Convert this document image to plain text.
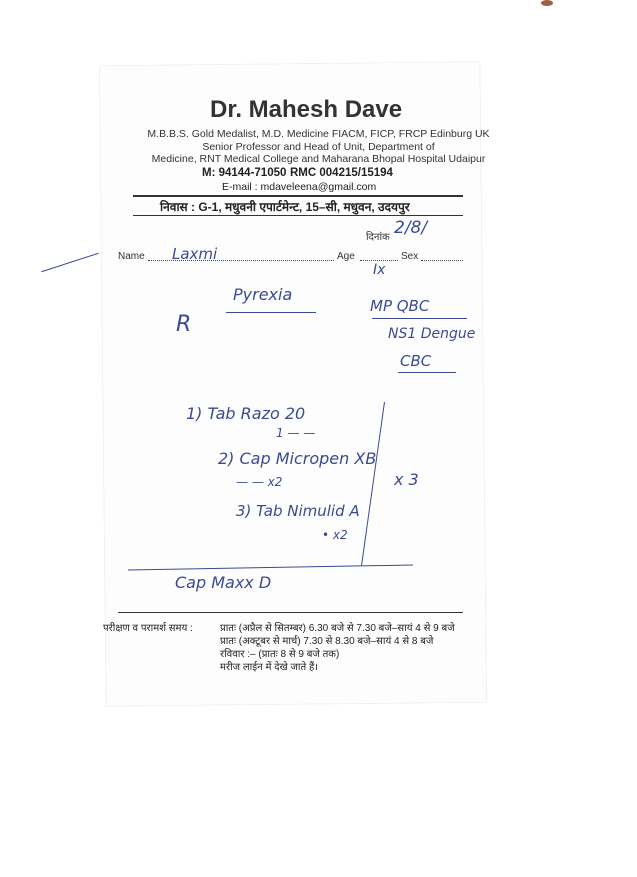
Dr. Mahesh Dave
M.B.B.S. Gold Medalist, M.D. Medicine FIACM, FICP, FRCP Edinburg UK
Senior Professor and Head of Unit, Department of
Medicine, RNT Medical College and Maharana Bhopal Hospital Udaipur
M: 94144-71050 RMC 004215/15194
E-mail : mdaveleena@gmail.com
निवास : G-1, मधुवनी एपार्टमेन्ट, 15–सी, मधुवन, उदयपुर
दिनांक 2/8/
Name Laxmi	Age	Sex
Pyrexia
R
Ix
MP QBC
NS1 Dengue
CBC
1) Tab Razo 20
1 — —
2) Cap Micropen XB
— — x2
3) Tab Nimulid A
• x2
x 3
Cap Maxx D
परीक्षण व परामर्श समय :	प्रातः (अप्रैल से सितम्बर) 6.30 बजे से 7.30 बजे–सायं 4 से 9 बजे
प्रातः (अक्टूबर से मार्च) 7.30 से 8.30 बजे–सायं 4 से 8 बजे
रविवार :– (प्रातः 8 से 9 बजे तक)
मरीज लाईन में देखे जाते हैं।
